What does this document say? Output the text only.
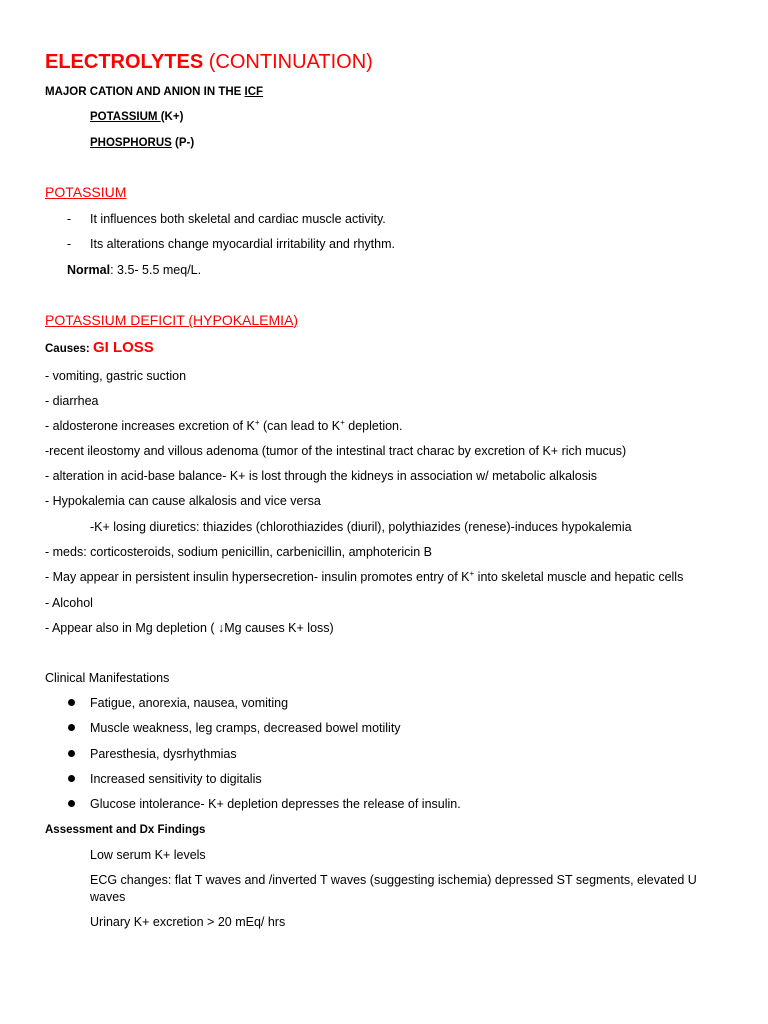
ELECTROLYTES (CONTINUATION)
MAJOR CATION AND ANION IN THE ICF
POTASSIUM (K+)
PHOSPHORUS (P-)
POTASSIUM
- It influences both skeletal and cardiac muscle activity.
- Its alterations change myocardial irritability and rhythm.
Normal: 3.5- 5.5 meq/L.
POTASSIUM DEFICIT (HYPOKALEMIA)
Causes: GI LOSS
- vomiting, gastric suction
- diarrhea
- aldosterone increases excretion of K+ (can lead to K+ depletion.
-recent ileostomy and villous adenoma (tumor of the intestinal tract charac by excretion of K+ rich mucus)
- alteration in acid-base balance- K+ is lost through the kidneys in association w/ metabolic alkalosis
- Hypokalemia can cause alkalosis and vice versa
-K+ losing diuretics: thiazides (chlorothiazides (diuril), polythiazides (renese)-induces hypokalemia
- meds: corticosteroids, sodium penicillin, carbenicillin, amphotericin B
- May appear in persistent insulin hypersecretion- insulin promotes entry of K+ into skeletal muscle and hepatic cells
- Alcohol
- Appear also in Mg depletion ( ↓Mg causes K+ loss)
Clinical Manifestations
Fatigue, anorexia, nausea, vomiting
Muscle weakness, leg cramps, decreased bowel motility
Paresthesia, dysrhythmias
Increased sensitivity to digitalis
Glucose intolerance- K+ depletion depresses the release of insulin.
Assessment and Dx Findings
Low serum K+ levels
ECG changes: flat T waves and /inverted T waves (suggesting ischemia) depressed ST segments, elevated U
waves
Urinary K+ excretion > 20 mEq/ hrs
